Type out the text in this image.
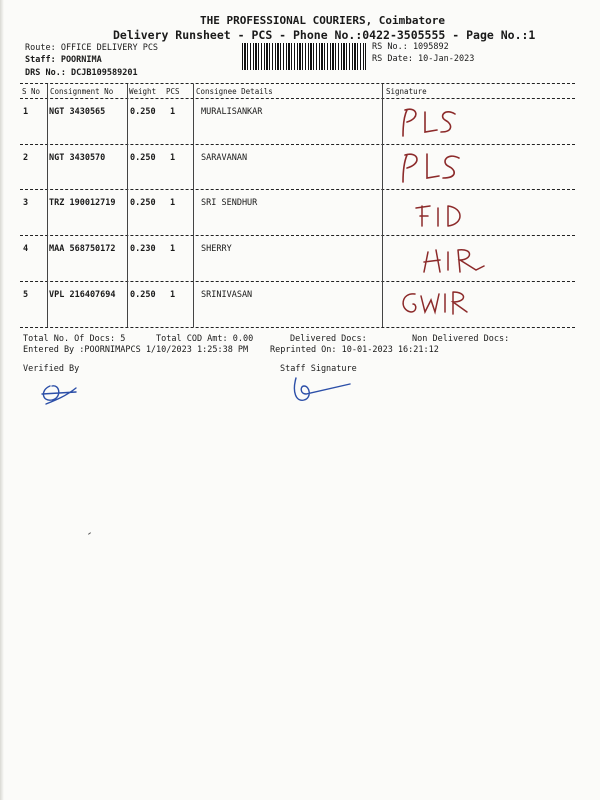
THE PROFESSIONAL COURIERS, Coimbatore
Delivery Runsheet - PCS - Phone No.:0422-3505555 - Page No.:1
Route: OFFICE DELIVERY PCS
Staff: POORNIMA
DRS No.: DCJB109589201
RS No.: 1095892
RS Date: 10-Jan-2023
S No Consignment No Weight PCS Consignee Details	Signature
1 NGT 3430565	0.250 1	MURALISANKAR
2 NGT 3430570	0.250 1	SARAVANAN
3 TRZ 190012719 0.250 1	SRI SENDHUR
4 MAA 568750172 0.230 1	SHERRY
5 VPL 216407694 0.250 1	SRINIVASAN
Total No. Of Docs: 5	Total COD Amt: 0.00	Delivered Docs:	Non Delivered Docs:
Entered By :POORNIMAPCS 1/10/2023 1:25:38 PM	Reprinted On: 10-01-2023 16:21:12
Verified By	Staff Signature
